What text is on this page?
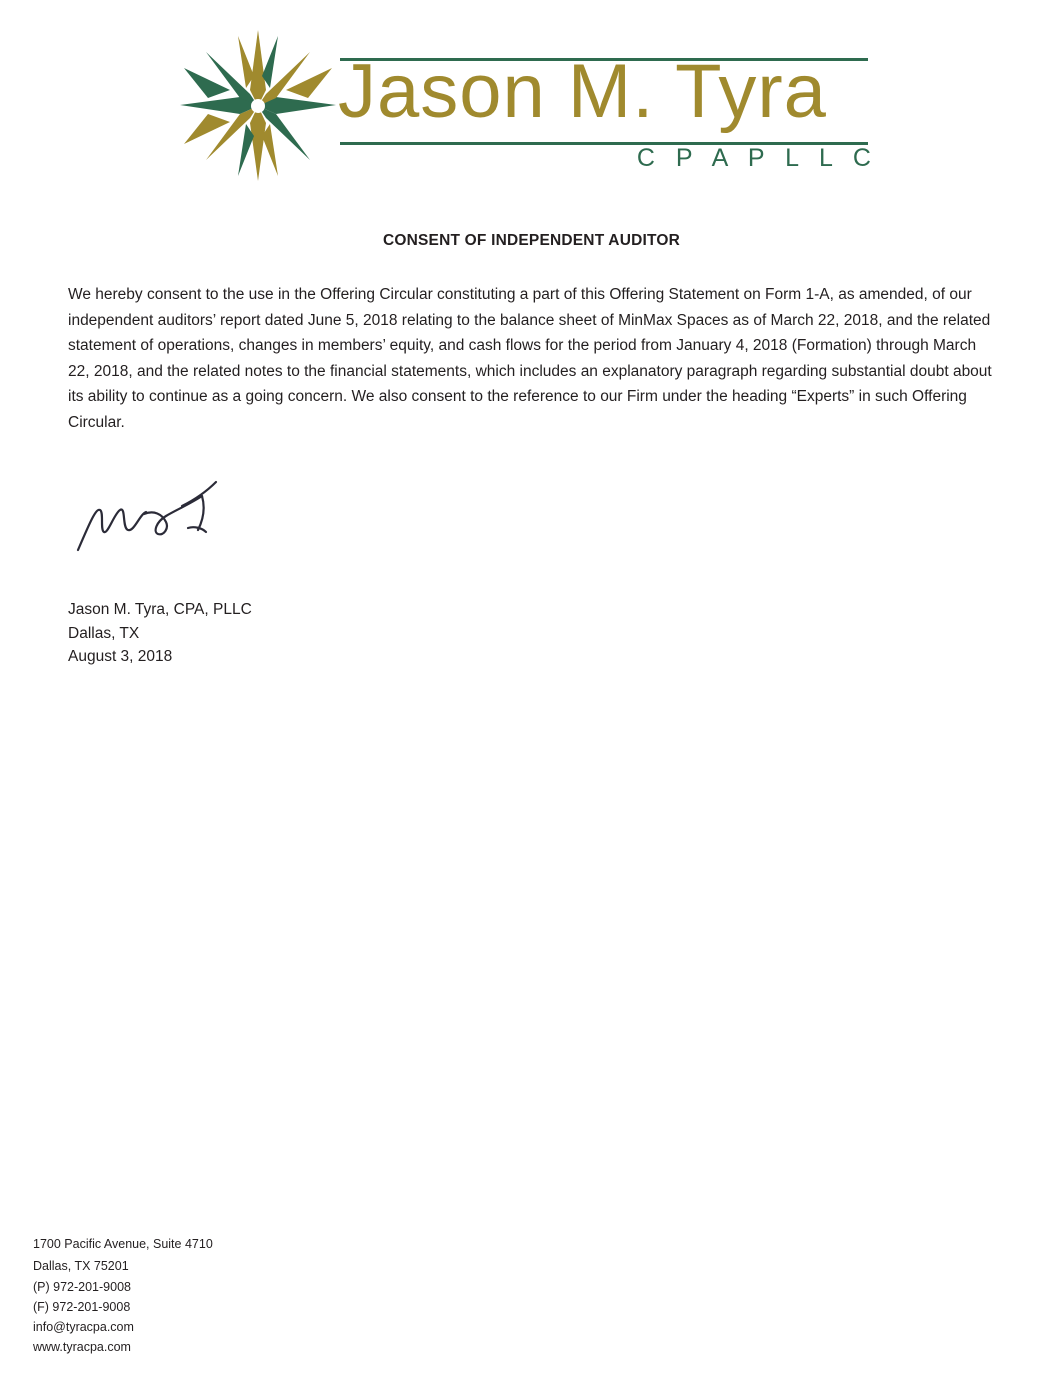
Jason M. Tyra
C P A P L L C
CONSENT OF INDEPENDENT AUDITOR
We hereby consent to the use in the Offering Circular constituting a part of this Offering Statement on Form 1-A, as amended, of our independent auditors’ report dated June 5, 2018 relating to the balance sheet of MinMax Spaces as of March 22, 2018, and the related statement of operations, changes in members’ equity, and cash flows for the period from January 4, 2018 (Formation) through March 22, 2018, and the related notes to the financial statements, which includes an explanatory paragraph regarding substantial doubt about its ability to continue as a going concern. We also consent to the reference to our Firm under the heading “Experts” in such Offering Circular.
Jason M. Tyra, CPA, PLLC
Dallas, TX
August 3, 2018
1700 Pacific Avenue, Suite 4710
Dallas, TX 75201
(P) 972-201-9008
(F) 972-201-9008
info@tyracpa.com
www.tyracpa.com
